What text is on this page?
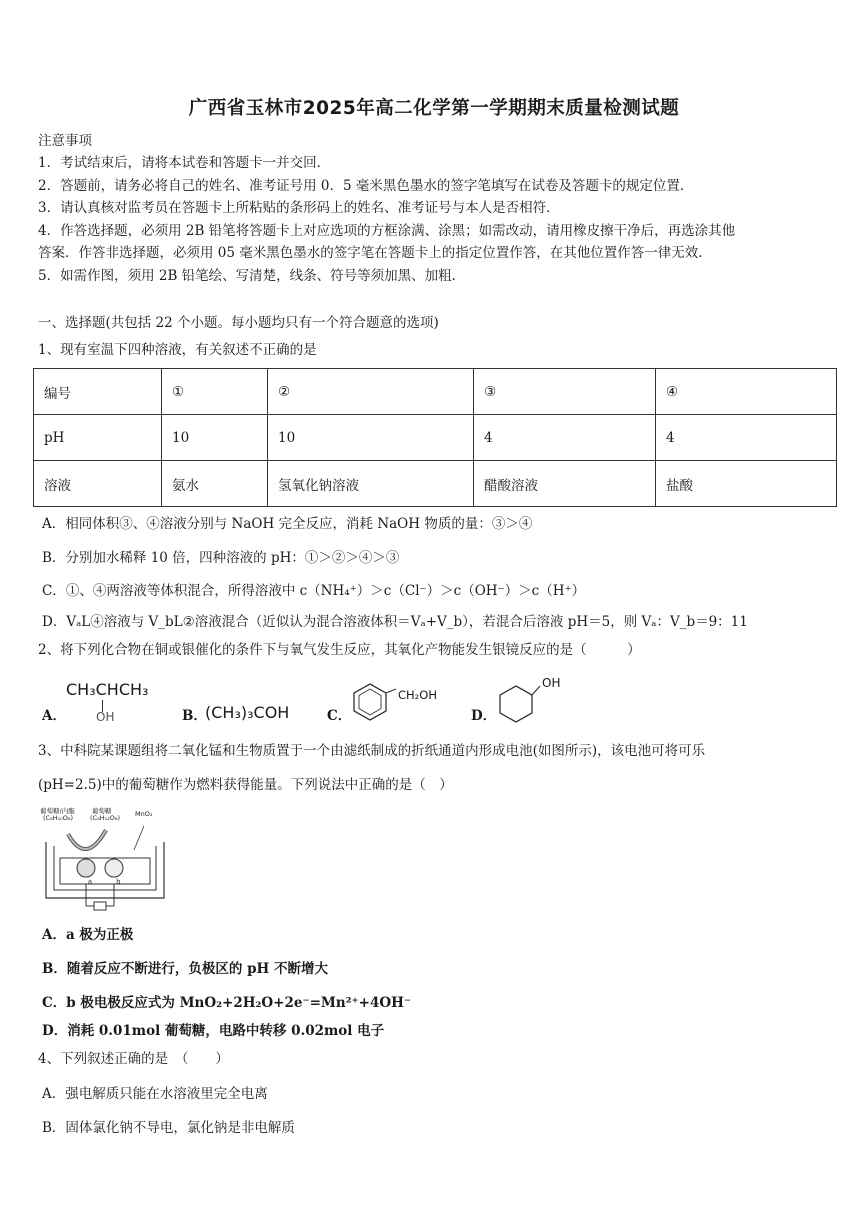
广西省玉林市2025年高二化学第一学期期末质量检测试题
注意事项
1．考试结束后，请将本试卷和答题卡一并交回．
2．答题前，请务必将自己的姓名、准考证号用 0．5 毫米黑色墨水的签字笔填写在试卷及答题卡的规定位置．
3．请认真核对监考员在答题卡上所粘贴的条形码上的姓名、准考证号与本人是否相符．
4．作答选择题，必须用 2B 铅笔将答题卡上对应选项的方框涂满、涂黑；如需改动，请用橡皮擦干净后，再选涂其他
答案．作答非选择题，必须用 05 毫米黑色墨水的签字笔在答题卡上的指定位置作答，在其他位置作答一律无效．
5．如需作图，须用 2B 铅笔绘、写清楚，线条、符号等须加黑、加粗．
一、选择题(共包括 22 个小题。每小题均只有一个符合题意的选项)
1、现有室温下四种溶液，有关叙述不正确的是
编号	①	②	③	④
pH	10	10	4	4
溶液	氨水	氢氧化钠溶液	醋酸溶液	盐酸
A．相同体积③、④溶液分别与 NaOH 完全反应，消耗 NaOH 物质的量：③＞④
B．分别加水稀释 10 倍，四种溶液的 pH：①＞②＞④＞③
C．①、④两溶液等体积混合，所得溶液中 c（NH₄⁺）＞c（Cl⁻）＞c（OH⁻）＞c（H⁺）
D．VₐL④溶液与 V_bL②溶液混合（近似认为混合溶液体积＝Vₐ+V_b），若混合后溶液 pH＝5，则 Vₐ：V_b＝9：11
2、将下列化合物在铜或银催化的条件下与氧气发生反应，其氧化产物能发生银镜反应的是（　　　）
A．
CH₃CHCH₃
OH	B．
(CH₃)₃COH	C．
CH₂OH
D．
OH
3、中科院某课题组将二氧化锰和生物质置于一个由滤纸制成的折纸通道内形成电池(如图所示)，该电池可将可乐
(pH=2.5)中的葡萄糖作为燃料获得能量。下列说法中正确的是（　）
葡萄糖/内酯
(C₆H₁₀O₆)
葡萄糖
(C₆H₁₂O₆) MnO₂
a	b
A．a 极为正极
B．随着反应不断进行，负极区的 pH 不断增大
C．b 极电极反应式为 MnO₂+2H₂O+2e⁻=Mn²⁺+4OH⁻
D．消耗 0.01mol 葡萄糖，电路中转移 0.02mol 电子
4、下列叙述正确的是　（　　）
A．强电解质只能在水溶液里完全电离
B．固体氯化钠不导电，氯化钠是非电解质
